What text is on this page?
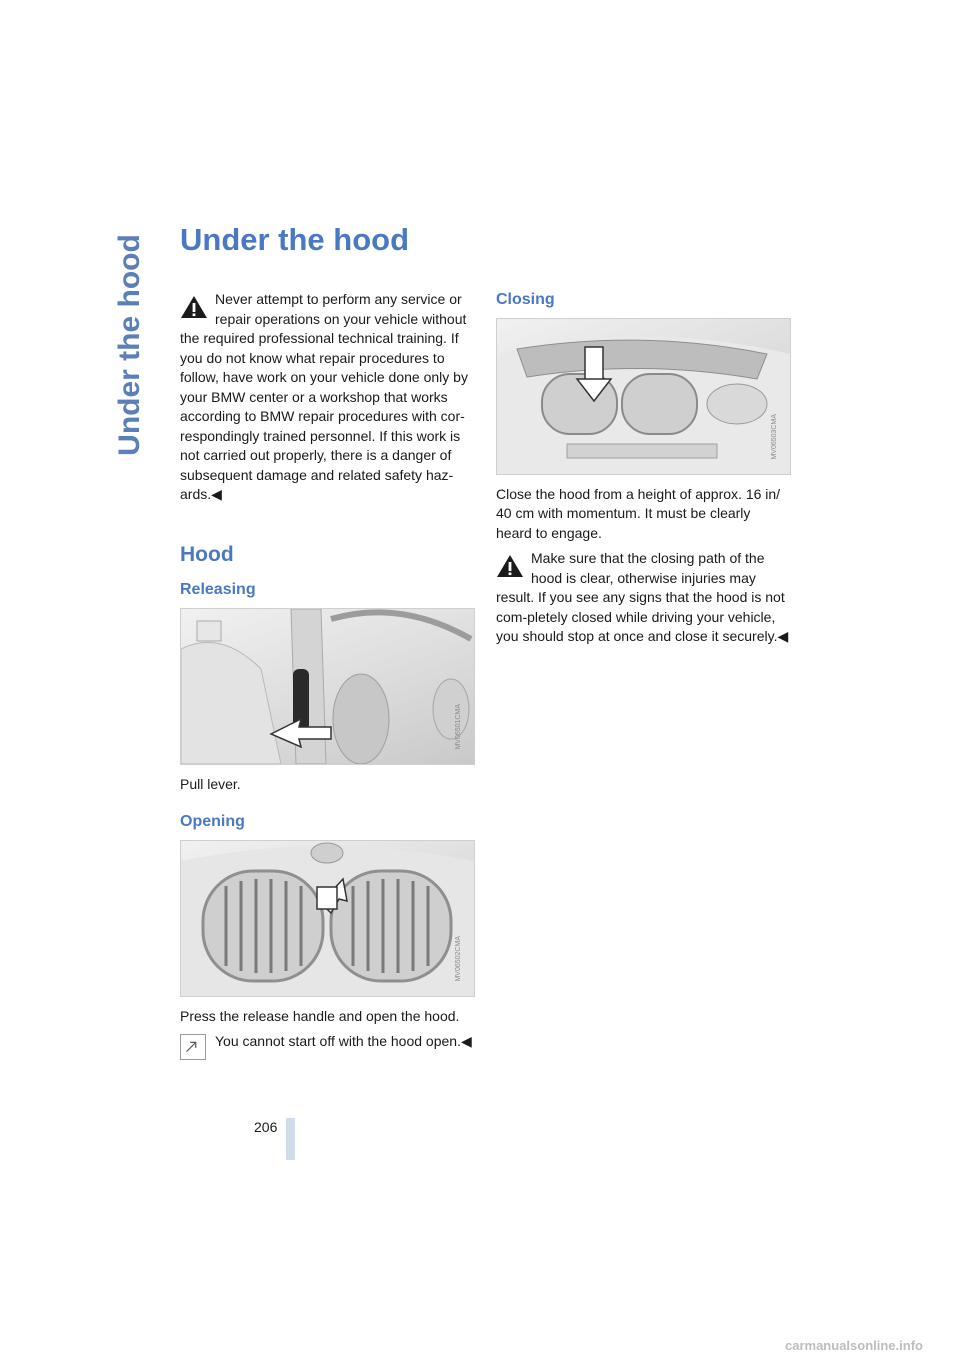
Under the hood Under the hood

Never attempt to perform any service or

repair operations on your vehicle without

the required professional technical training. If you do not know what repair procedures to follow, have work on your vehicle done only by your BMW center or a workshop that works according to BMW repair procedures with cor-respondingly trained personnel. If this work is not carried out properly, there is a danger of subsequent damage and related safety haz-ards.◀

Hood
Releasing
MV06501CMA

Pull lever.

Opening
MV06502CMA

Press the release handle and open the hood.

You cannot start off with the hood open.◀

Closing
MV06503CMA

Close the hood from a height of approx. 16 in/ 40 cm with momentum. It must be clearly heard to engage.

Make sure that the closing path of the

hood is clear, otherwise injuries may

result. If you see any signs that the hood is not com-pletely closed while driving your vehicle, you should stop at once and close it securely.◀

206
carmanualsonline.info
